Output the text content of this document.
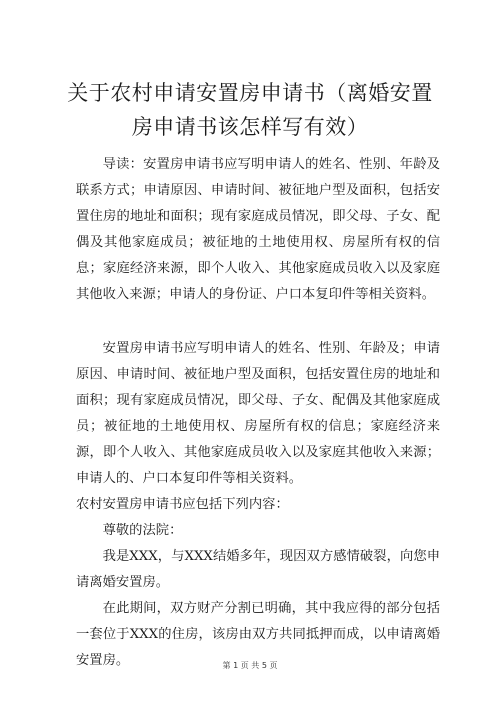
关于农村申请安置房申请书（离婚安置房申请书该怎样写有效）

导读：安置房申请书应写明申请人的姓名、性别、年龄及联系方式；申请原因、申请时间、被征地户型及面积，包括安置住房的地址和面积；现有家庭成员情况，即父母、子女、配偶及其他家庭成员；被征地的土地使用权、房屋所有权的信息；家庭经济来源，即个人收入、其他家庭成员收入以及家庭其他收入来源；申请人的身份证、户口本复印件等相关资料。

安置房申请书应写明申请人的姓名、性别、年龄及；申请原因、申请时间、被征地户型及面积，包括安置住房的地址和面积；现有家庭成员情况，即父母、子女、配偶及其他家庭成员；被征地的土地使用权、房屋所有权的信息；家庭经济来源，即个人收入、其他家庭成员收入以及家庭其他收入来源；申请人的、户口本复印件等相关资料。

农村安置房申请书应包括下列内容：

尊敬的法院：

我是XXX，与XXX结婚多年，现因双方感情破裂，向您申请离婚安置房。

在此期间，双方财产分割已明确，其中我应得的部分包括一套位于XXX的住房，该房由双方共同抵押而成，以申请离婚安置房。	第 1 页 共 5 页
